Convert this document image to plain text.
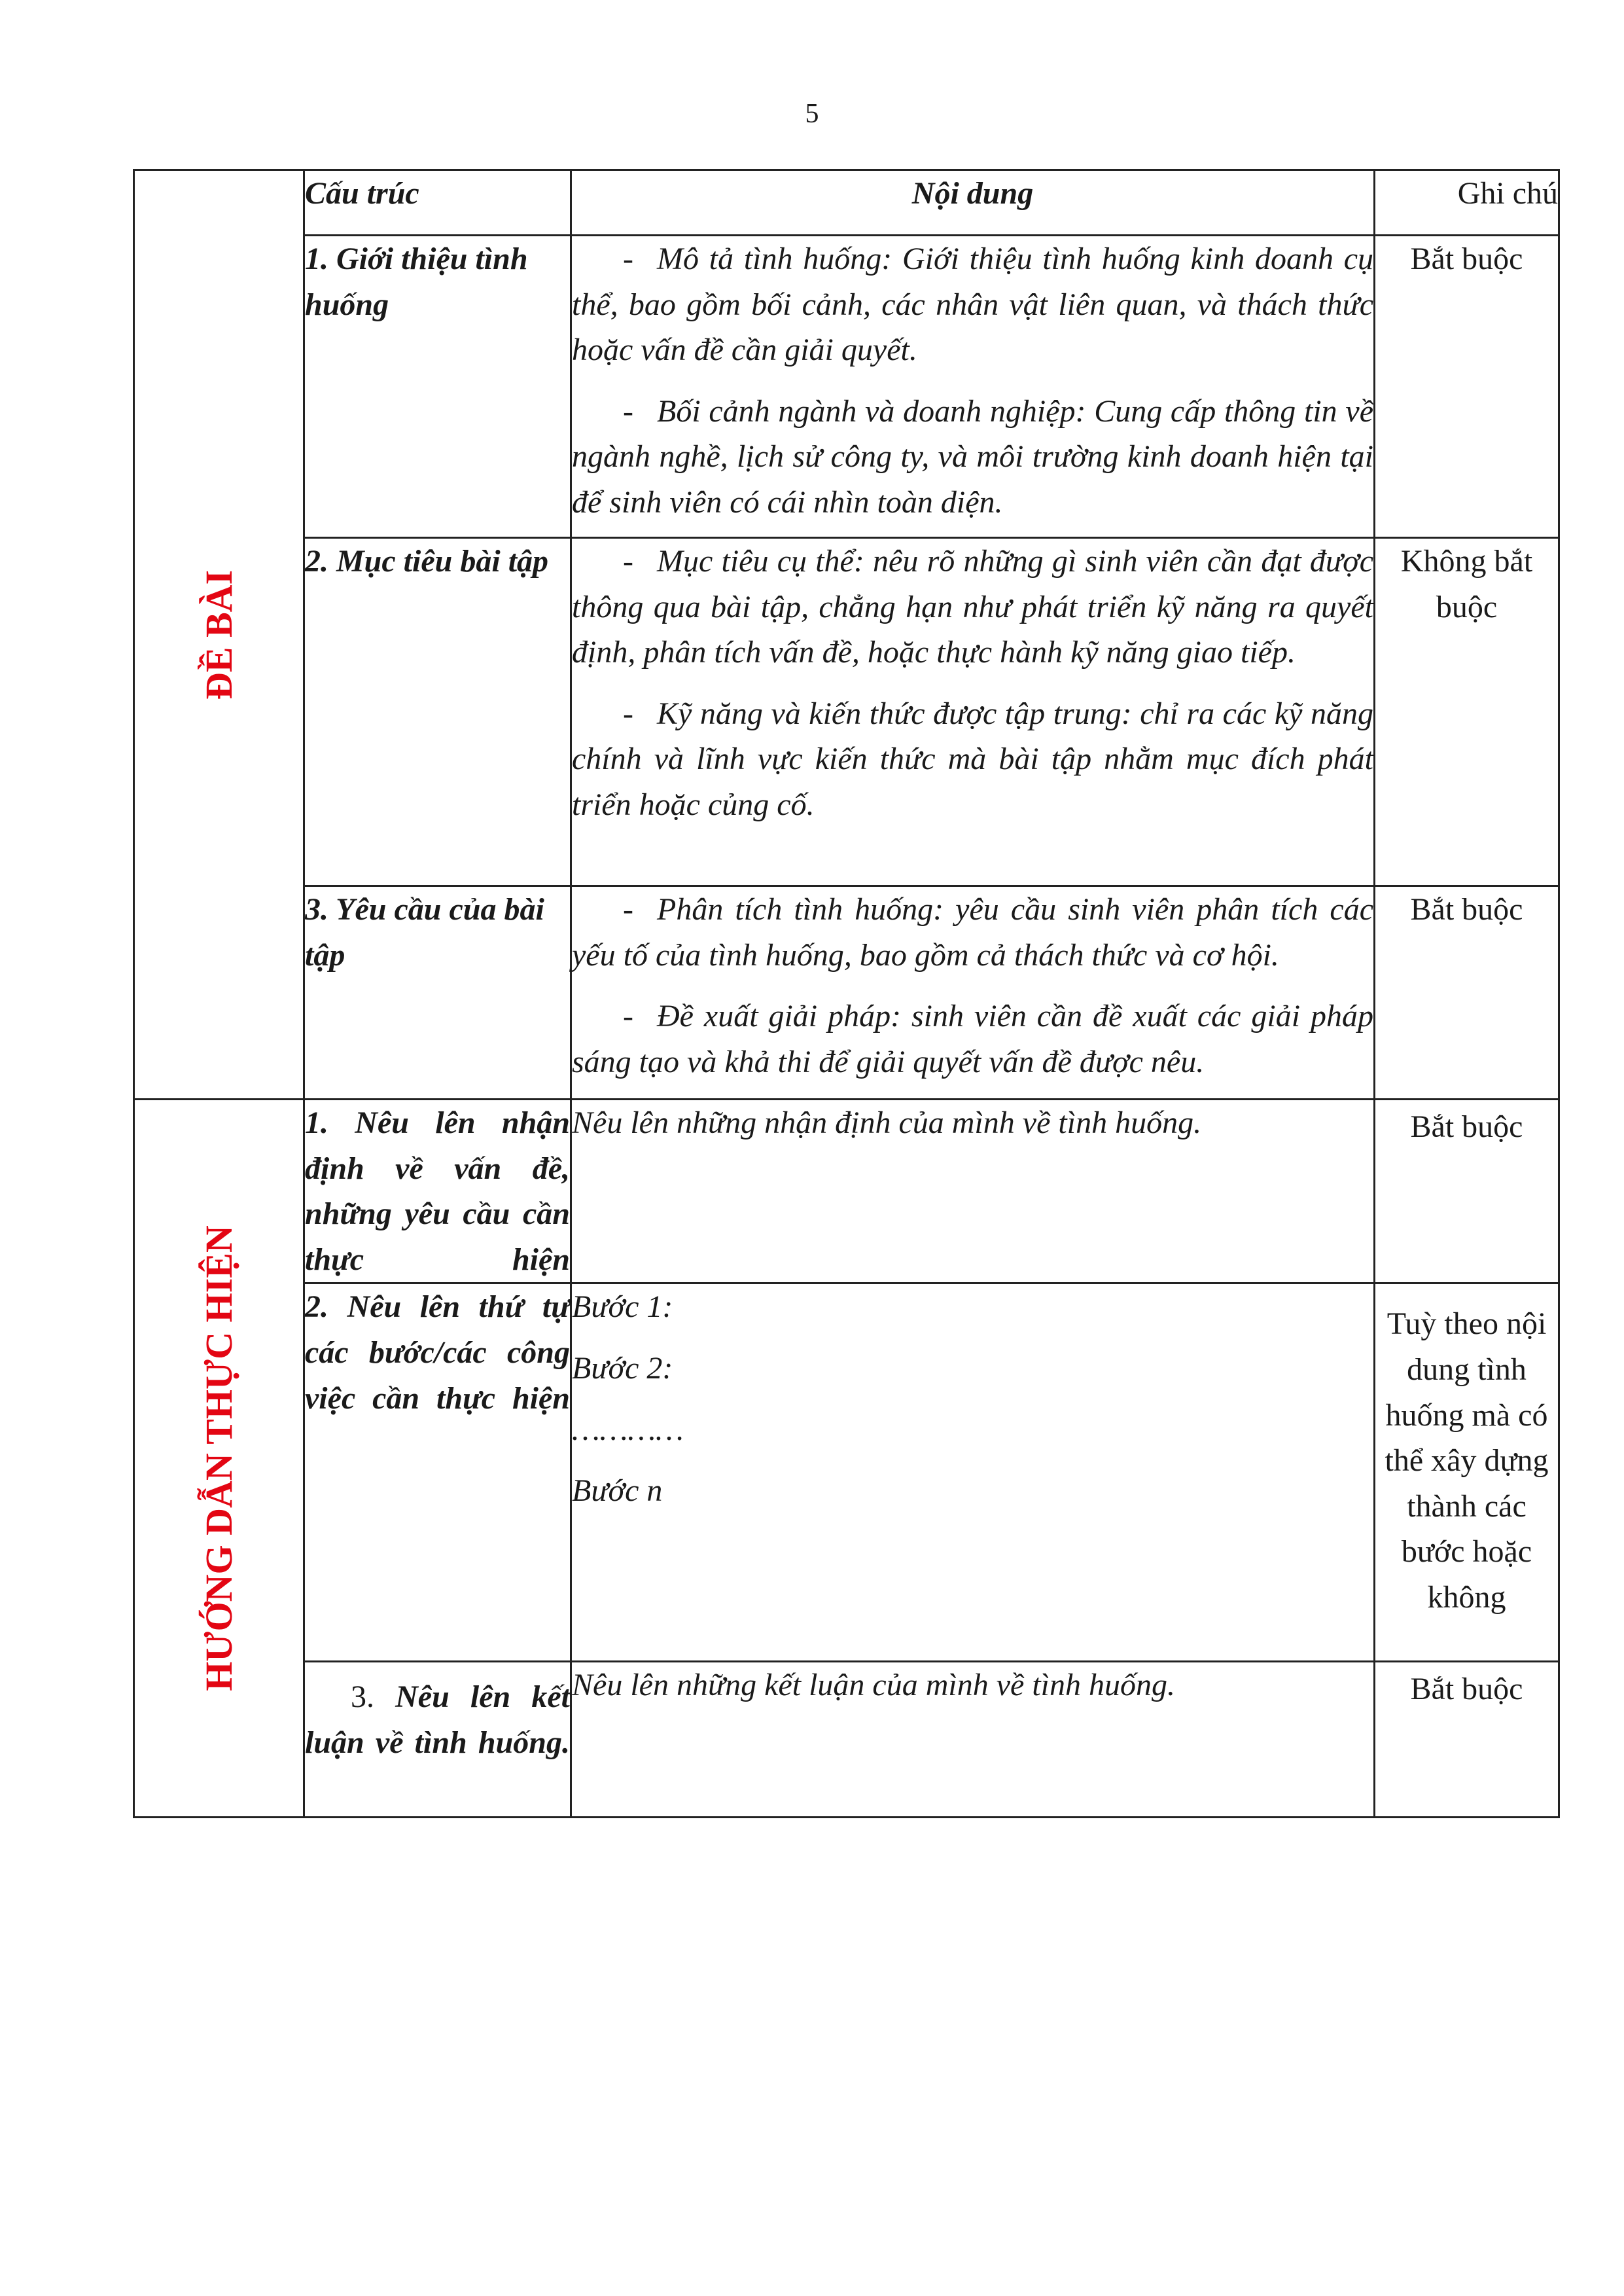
5
ĐỀ BÀI	Cấu trúc	Nội dung	Ghi chú
	1. Giới thiệu tình huống	- Mô tả tình huống: Giới thiệu tình huống kinh doanh cụ thể, bao gồm bối cảnh, các nhân vật liên quan, và thách thức hoặc vấn đề cần giải quyết.

- Bối cảnh ngành và doanh nghiệp: Cung cấp thông tin về ngành nghề, lịch sử công ty, và môi trường kinh doanh hiện tại để sinh viên có cái nhìn toàn diện.	Bắt buộc
	2. Mục tiêu bài tập	- Mục tiêu cụ thể: nêu rõ những gì sinh viên cần đạt được thông qua bài tập, chẳng hạn như phát triển kỹ năng ra quyết định, phân tích vấn đề, hoặc thực hành kỹ năng giao tiếp.

- Kỹ năng và kiến thức được tập trung: chỉ ra các kỹ năng chính và lĩnh vực kiến thức mà bài tập nhằm mục đích phát triển hoặc củng cố.	Không bắt buộc
	3. Yêu cầu của bài tập	- Phân tích tình huống: yêu cầu sinh viên phân tích các yếu tố của tình huống, bao gồm cả thách thức và cơ hội.

- Đề xuất giải pháp: sinh viên cần đề xuất các giải pháp sáng tạo và khả thi để giải quyết vấn đề được nêu.	Bắt buộc

HƯỚNG DẪN THỰC HIỆN	1. Nêu lên nhận định về vấn đề, những yêu cầu cần thực hiện	Nêu lên những nhận định của mình về tình huống.	Bắt buộc
	2. Nêu lên thứ tự các bước/các công việc cần thực hiện	Bước 1:
Bước 2:
…………
Bước n	Tuỳ theo nội dung tình huống mà có thể xây dựng thành các bước hoặc không
	3. Nêu lên kết luận về tình huống.	Nêu lên những kết luận của mình về tình huống.	Bắt buộc
